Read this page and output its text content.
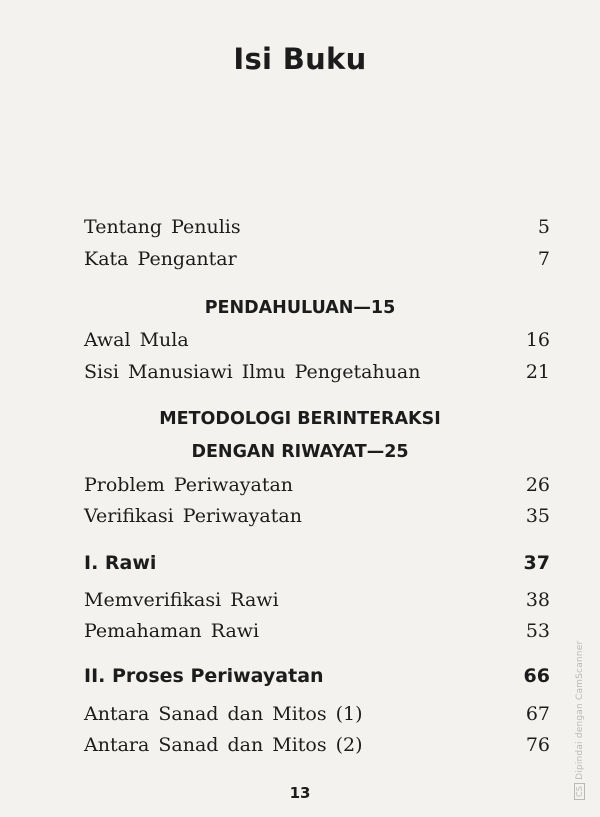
Isi Buku
Tentang Penulis	5
Kata Pengantar	7
PENDAHULUAN—15
Awal Mula	16
Sisi Manusiawi Ilmu Pengetahuan	21
METODOLOGI BERINTERAKSI
DENGAN RIWAYAT—25
Problem Periwayatan	26
Verifikasi Periwayatan	35
I. Rawi	37
Memverifikasi Rawi	38
Pemahaman Rawi	53
II. Proses Periwayatan	66
Antara Sanad dan Mitos (1)	67
Antara Sanad dan Mitos (2)	76
13	CSDipindai dengan CamScanner
